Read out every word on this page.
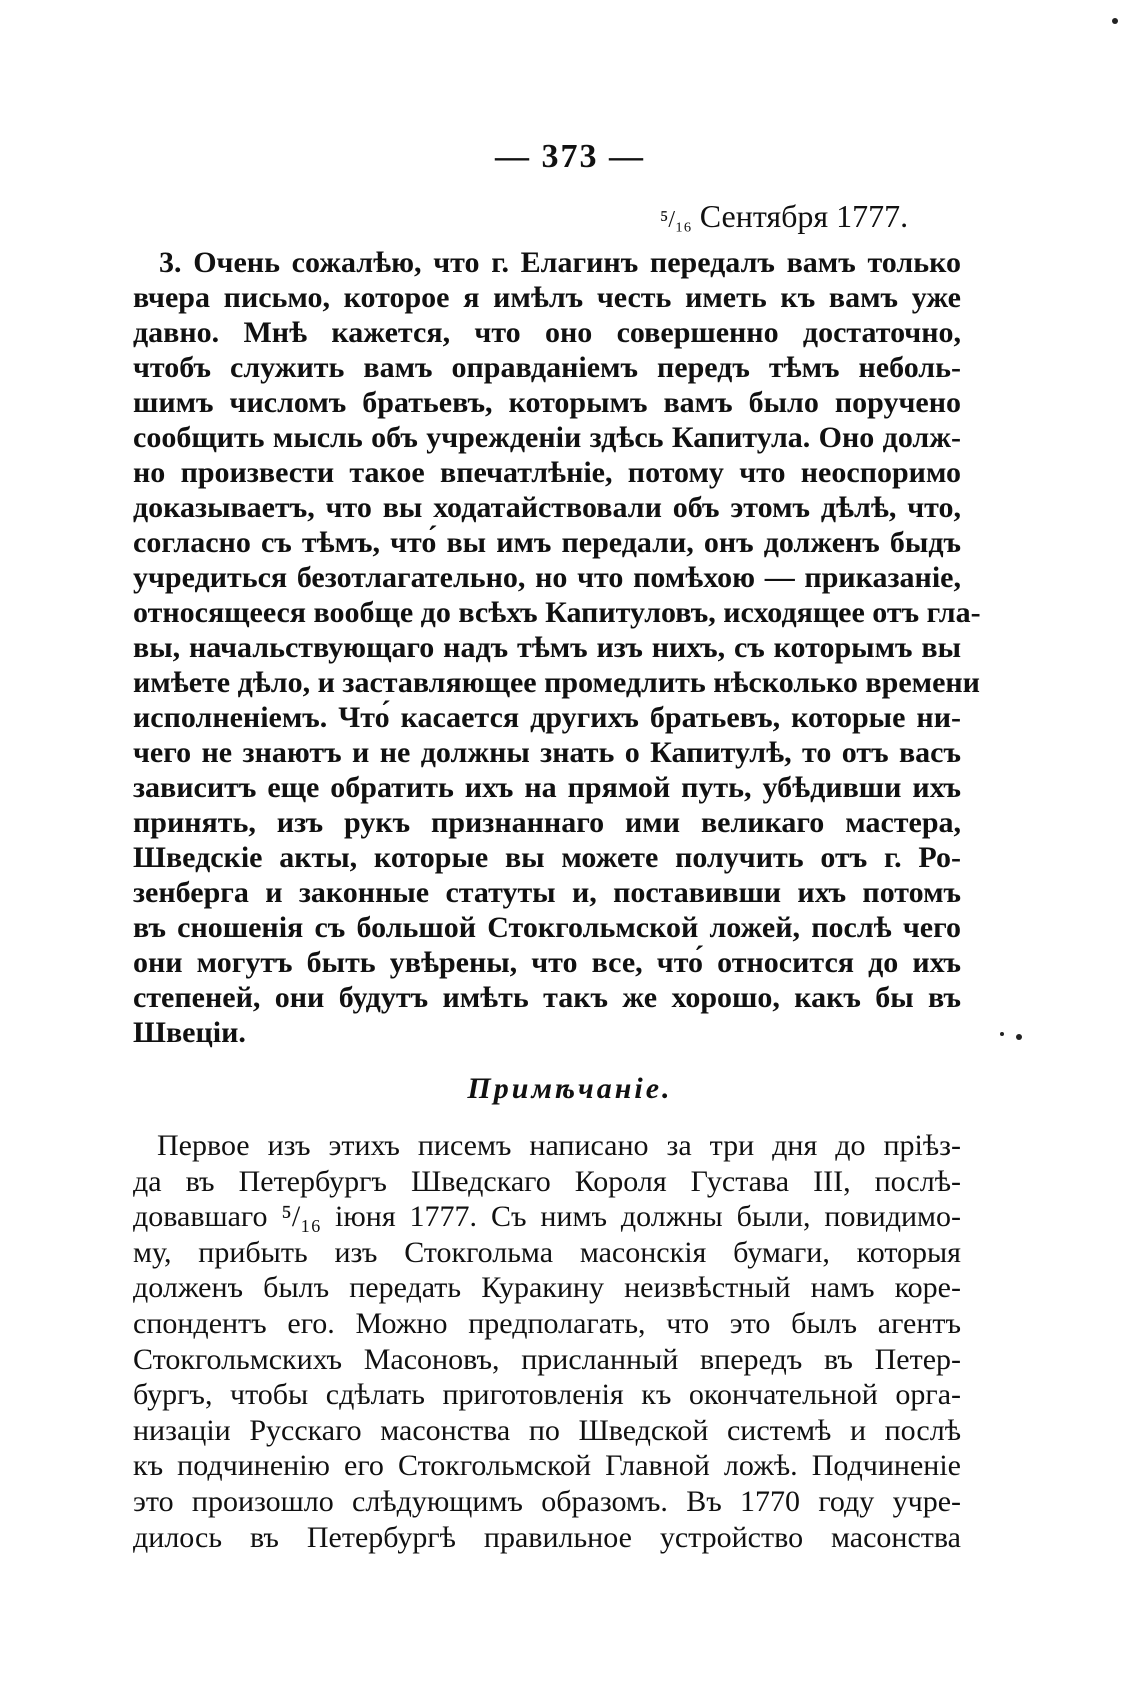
— 373 —
⁵/₁₆ Сентября 1777.
3. Очень сожалѣю, что г. Елагинъ передалъ вамъ только
вчера письмо, которое я имѣлъ честь иметь къ вамъ уже
давно. Мнѣ кажется, что оно совершенно достаточно,
чтобъ служить вамъ оправданіемъ передъ тѣмъ неболь-
шимъ числомъ братьевъ, которымъ вамъ было поручено
сообщить мысль объ учрежденіи здѣсь Капитула. Оно долж-
но произвести такое впечатлѣніе, потому что неоспоримо
доказываетъ, что вы ходатайствовали объ этомъ дѣлѣ, что,
согласно съ тѣмъ, что́ вы имъ передали, онъ долженъ быдъ
учредиться безотлагательно, но что помѣхою — приказаніе,
относящееся вообще до всѣхъ Капитуловъ, исходящее отъ гла-
вы, начальствующаго надъ тѣмъ изъ нихъ, съ которымъ вы
имѣете дѣло, и заставляющее промедлить нѣсколько времени
исполненіемъ. Что́ касается другихъ братьевъ, которые ни-
чего не знаютъ и не должны знать о Капитулѣ, то отъ васъ
зависитъ еще обратить ихъ на прямой путь, убѣдивши ихъ
принять, изъ рукъ признаннаго ими великаго мастера,
Шведскіе акты, которые вы можете получить отъ г. Ро-
зенберга и законные статуты и, поставивши ихъ потомъ
въ сношенія съ большой Стокгольмской ложей, послѣ чего
они могутъ быть увѣрены, что все, что́ относится до ихъ
степеней, они будутъ имѣть такъ же хорошо, какъ бы въ
Швеціи.
Примѣчаніе.
Первое изъ этихъ писемъ написано за три дня до пріѣз-
да въ Петербургъ Шведскаго Короля Густава III, послѣ-
довавшаго ⁵/₁₆ іюня 1777. Съ нимъ должны были, повидимо-
му, прибыть изъ Стокгольма масонскія бумаги, которыя
долженъ былъ передать Куракину неизвѣстный намъ коре-
спондентъ его. Можно предполагать, что это былъ агентъ
Стокгольмскихъ Масоновъ, присланный впередъ въ Петер-
бургъ, чтобы сдѣлать приготовленія къ окончательной орга-
низаціи Русскаго масонства по Шведской системѣ и послѣ
къ подчиненію его Стокгольмской Главной ложѣ. Подчиненіе
это произошло слѣдующимъ образомъ. Въ 1770 году учре-
дилось въ Петербургѣ правильное устройство масонства
